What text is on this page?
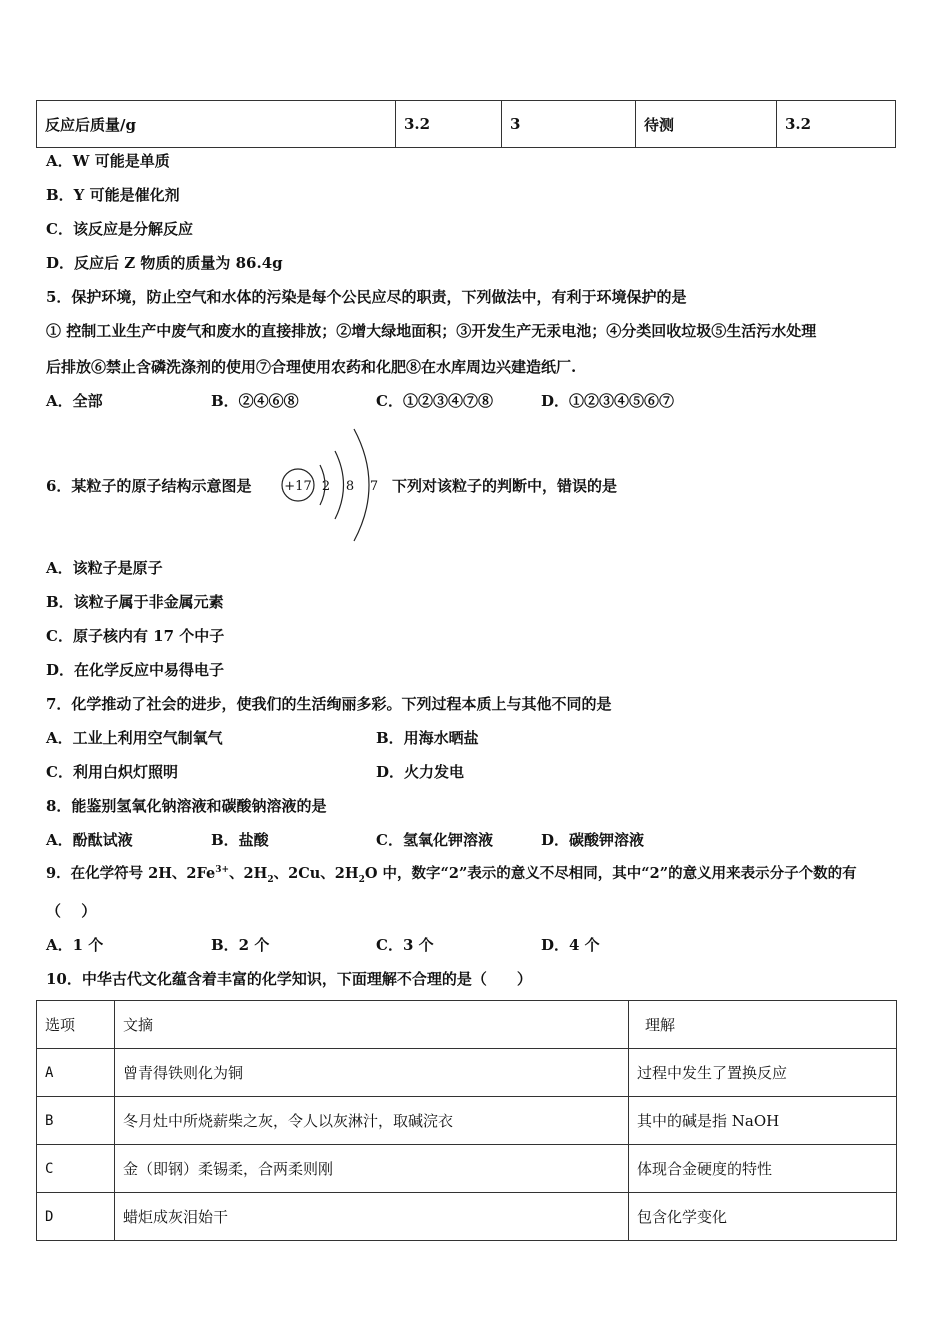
反应后质量/g	3.2	3	待测	3.2
A．W 可能是单质
B．Y 可能是催化剂
C．该反应是分解反应
D．反应后 Z 物质的质量为 86.4g
5．保护环境，防止空气和水体的污染是每个公民应尽的职责，下列做法中，有利于环境保护的是
① 控制工业生产中废气和废水的直接排放；②增大绿地面积；③开发生产无汞电池；④分类回收垃圾⑤生活污水处理
后排放⑥禁止含磷洗涤剂的使用⑦合理使用农药和化肥⑧在水库周边兴建造纸厂.
A．全部	B．②④⑥⑧	C．①②③④⑦⑧	D．①②③④⑤⑥⑦
6．某粒子的原子结构示意图是	+17 2 8 7 下列对该粒子的判断中，错误的是
A．该粒子是原子
B．该粒子属于非金属元素
C．原子核内有 17 个中子
D．在化学反应中易得电子
7．化学推动了社会的进步，使我们的生活绚丽多彩。下列过程本质上与其他不同的是
A．工业上利用空气制氧气	B．用海水晒盐
C．利用白炽灯照明	D．火力发电
8．能鉴别氢氧化钠溶液和碳酸钠溶液的是
A．酚酞试液	B．盐酸	C．氢氧化钾溶液	D．碳酸钾溶液
9．在化学符号 2H、$2Fe^{3+}$、$2H_2$、2Cu、$2H_2O$ 中，数字“2”表示的意义不尽相同，其中“2”的意义用来表示分子个数的有
（　 ）
A．1 个	B．2 个	C．3 个	D．4 个
10．中华古代文化蕴含着丰富的化学知识，下面理解不合理的是（　　）
选项	文摘	理解
A	曾青得铁则化为铜	过程中发生了置换反应
B	冬月灶中所烧薪柴之灰，令人以灰淋汁，取碱浣衣	其中的碱是指 NaOH
C	金（即钢）柔锡柔，合两柔则刚	体现合金硬度的特性
D	蜡炬成灰泪始干	包含化学变化
